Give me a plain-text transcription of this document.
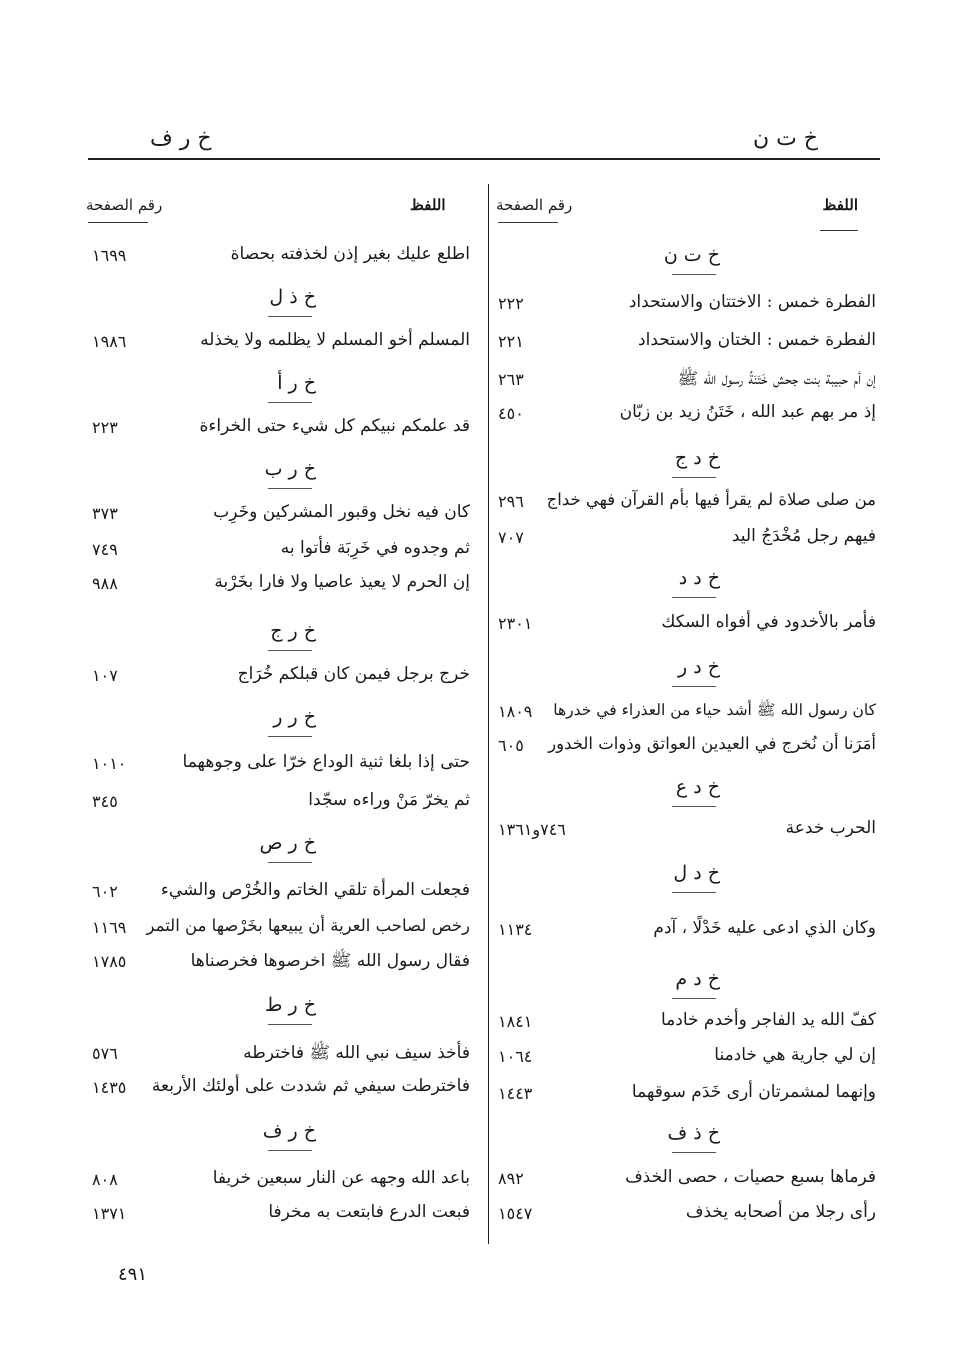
خ ت ن
خ ر ف
اللفظ
رقم الصفحة
اللفظ
رقم الصفحة
خ ت ن
الفطرة خمس : الاختتان والاستحداد
٢٢٢
الفطرة خمس : الختان والاستحداد
٢٢١
إن أم حبيبة بنت جحش خَتَنَةُ رسول الله ﷺ
٢٦٣
إذ مر بهم عبد الله ، خَتَنُ زيد بن زبّان
٤٥٠
خ د ج
من صلى صلاة لم يقرأ فيها بأم القرآن فهي خداج
٢٩٦
فيهم رجل مُخْدَجُ اليد
٧٠٧
خ د د
فأمر بالأخدود في أفواه السكك
٢٣٠١
خ د ر
كان رسول الله ﷺ أشد حياء من العذراء في خدرها
١٨٠٩
أمَرَنا أن نُخرج في العيدين العواتق وذوات الخدور
٦٠٥
خ د ع
الحرب خدعة
٧٤٦و١٣٦١
خ د ل
وكان الذي ادعى عليه خَدْلًا ، آدم
١١٣٤
خ د م
كفّ الله يد الفاجر وأخدم خادما
١٨٤١
إن لي جارية هي خادمنا
١٠٦٤
وإنهما لمشمرتان أرى خَدَم سوقهما
١٤٤٣
خ ذ ف
فرماها بسبع حصيات ، حصى الخذف
٨٩٢
رأى رجلا من أصحابه يخذف
١٥٤٧
اطلع عليك بغير إذن لخذفته بحصاة
١٦٩٩
خ ذ ل
المسلم أخو المسلم لا يظلمه ولا يخذله
١٩٨٦
خ ر أ
قد علمكم نبيكم كل شيء حتى الخراءة
٢٢٣
خ ر ب
كان فيه نخل وقبور المشركين وخَرِب
٣٧٣
ثم وجدوه في خَرِبَة فأتوا به
٧٤٩
إن الحرم لا يعيذ عاصيا ولا فارا بخَرْبة
٩٨٨
خ ر ج
خرج برجل فيمن كان قبلكم خُرَاج
١٠٧
خ ر ر
حتى إذا بلغا ثنية الوداع خرّا على وجوههما
١٠١٠
ثم يخرّ مَنْ وراءه سجّدا
٣٤٥
خ ر ص
فجعلت المرأة تلقي الخاتم والخُرْص والشيء
٦٠٢
رخص لصاحب العرية أن يبيعها بخَرْصها من التمر
١١٦٩
فقال رسول الله ﷺ اخرصوها فخرصناها
١٧٨٥
خ ر ط
فأخذ سيف نبي الله ﷺ فاخترطه
٥٧٦
فاخترطت سيفي ثم شددت على أولئك الأربعة
١٤٣٥
خ ر ف
باعد الله وجهه عن النار سبعين خريفا
٨٠٨
فبعت الدرع فابتعت به مخرفا
١٣٧١
٤٩١
